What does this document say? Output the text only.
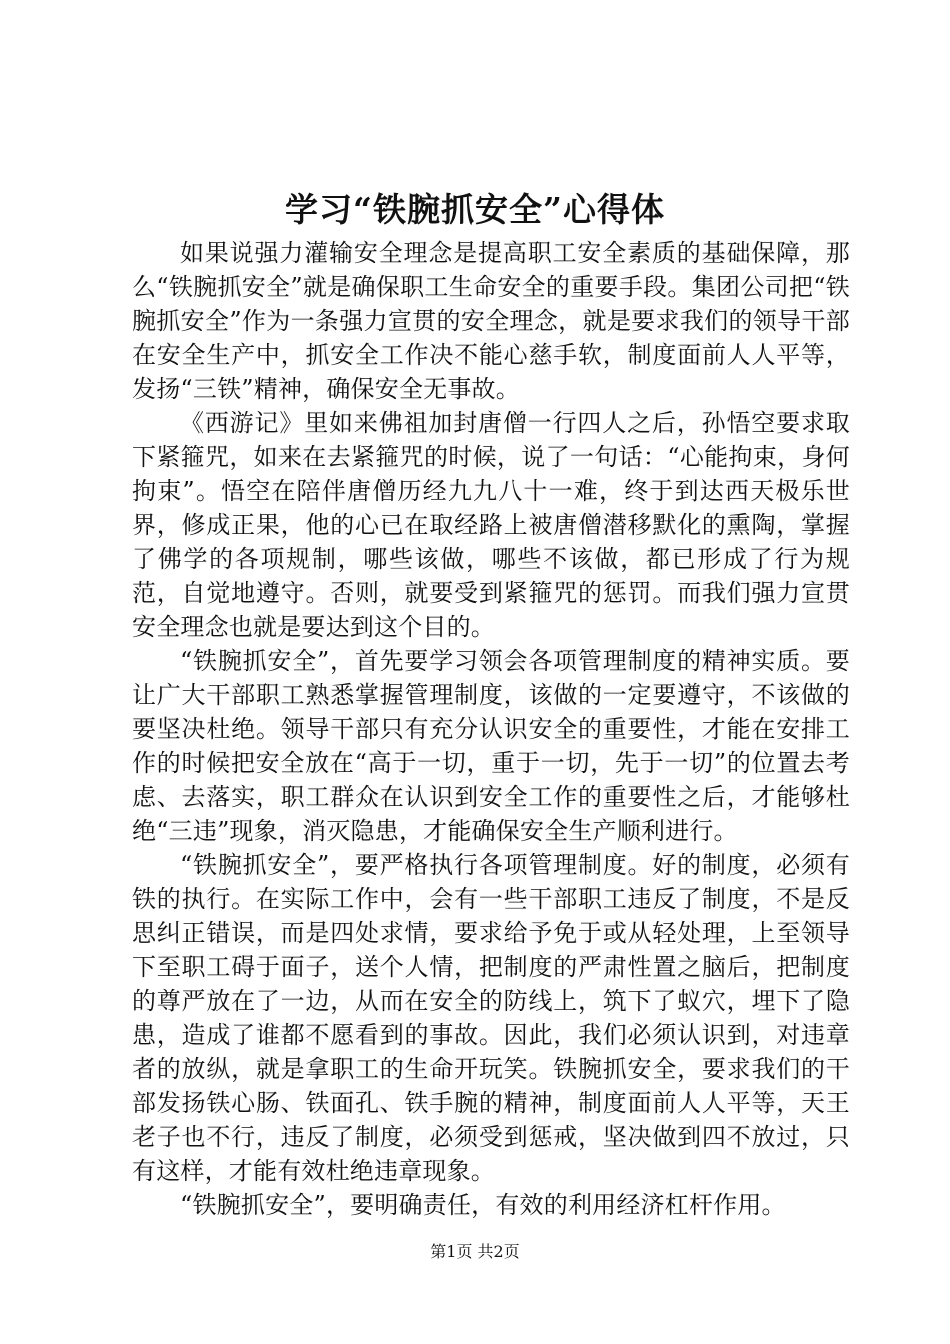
学习“铁腕抓安全”心得体

如果说强力灌输安全理念是提高职工安全素质的基础保障，那么“铁腕抓安全”就是确保职工生命安全的重要手段。集团公司把“铁腕抓安全”作为一条强力宣贯的安全理念，就是要求我们的领导干部在安全生产中，抓安全工作决不能心慈手软，制度面前人人平等，发扬“三铁”精神，确保安全无事故。

《西游记》里如来佛祖加封唐僧一行四人之后，孙悟空要求取下紧箍咒，如来在去紧箍咒的时候，说了一句话：“心能拘束，身何拘束”。悟空在陪伴唐僧历经九九八十一难，终于到达西天极乐世界，修成正果，他的心已在取经路上被唐僧潜移默化的熏陶，掌握了佛学的各项规制，哪些该做，哪些不该做，都已形成了行为规范，自觉地遵守。否则，就要受到紧箍咒的惩罚。而我们强力宣贯安全理念也就是要达到这个目的。

“铁腕抓安全”，首先要学习领会各项管理制度的精神实质。要让广大干部职工熟悉掌握管理制度，该做的一定要遵守，不该做的要坚决杜绝。领导干部只有充分认识安全的重要性，才能在安排工作的时候把安全放在“高于一切，重于一切，先于一切”的位置去考虑、去落实，职工群众在认识到安全工作的重要性之后，才能够杜绝“三违”现象，消灭隐患，才能确保安全生产顺利进行。

“铁腕抓安全”，要严格执行各项管理制度。好的制度，必须有铁的执行。在实际工作中，会有一些干部职工违反了制度，不是反思纠正错误，而是四处求情，要求给予免于或从轻处理，上至领导下至职工碍于面子，送个人情，把制度的严肃性置之脑后，把制度的尊严放在了一边，从而在安全的防线上，筑下了蚁穴，埋下了隐患，造成了谁都不愿看到的事故。因此，我们必须认识到，对违章者的放纵，就是拿职工的生命开玩笑。铁腕抓安全，要求我们的干部发扬铁心肠、铁面孔、铁手腕的精神，制度面前人人平等，天王老子也不行，违反了制度，必须受到惩戒，坚决做到四不放过，只有这样，才能有效杜绝违章现象。

“铁腕抓安全”，要明确责任，有效的利用经济杠杆作用。

第1页 共2页
